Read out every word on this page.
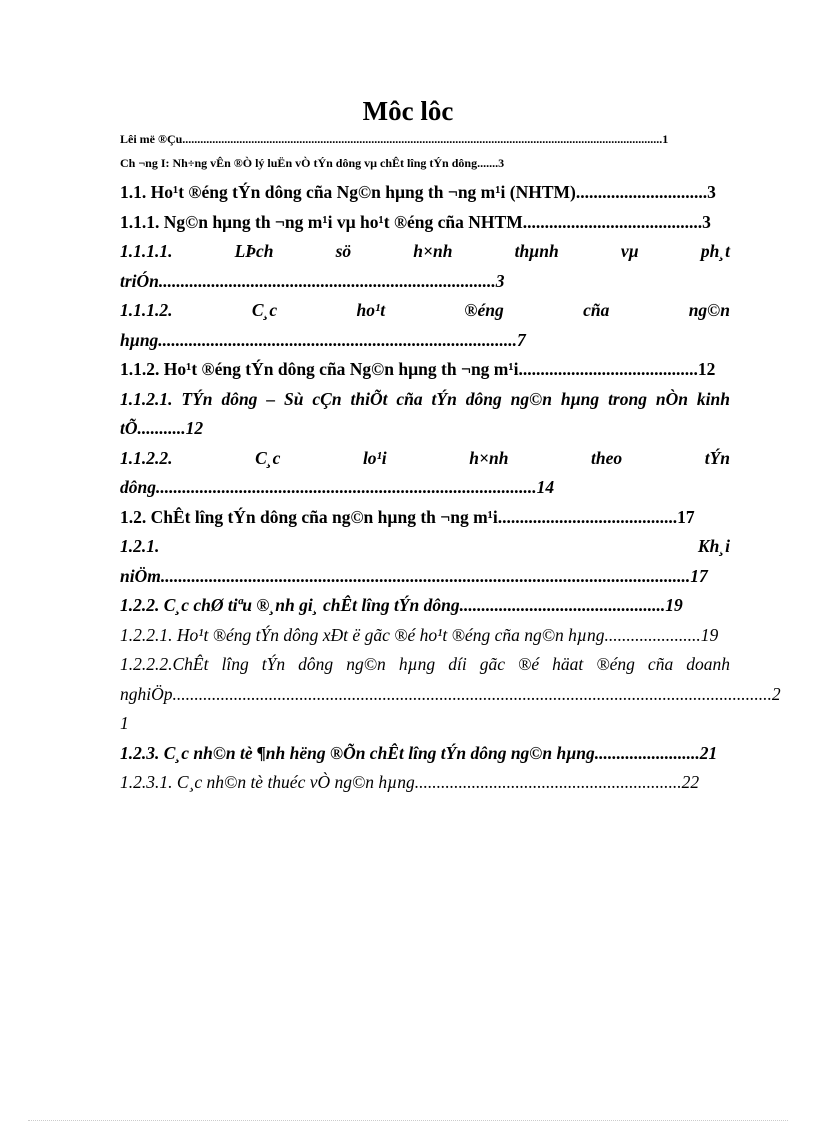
Môc lôc

Lêi më ®Çu................................................................................................................................................................1

Ch ¬ng I: Nh÷ng vÊn ®Ò lý luËn vÒ tÝn dông vµ chÊt lîng tÝn dông.......3

1.1. Ho¹t ®éng tÝn dông cña Ng©n hµng th ¬ng m¹i (NHTM)..............................3

1.1.1. Ng©n hµng th ¬ng m¹i vµ ho¹t ®éng cña NHTM.........................................3

1.1.1.1. LÞch sö h×nh thµnh vµ ph¸t triÓn.............................................................................3

1.1.1.2. C¸c ho¹t ®éng cña ng©n hµng..................................................................................7

1.1.2. Ho¹t ®éng tÝn dông cña Ng©n hµng th ¬ng m¹i.........................................12

1.1.2.1. TÝn dông – Sù cÇn thiÕt cña tÝn dông ng©n hµng trong nÒn kinh tÕ...........12

1.1.2.2. C¸c lo¹i h×nh theo tÝn dông.......................................................................................14

1.2. ChÊt lîng tÝn dông cña ng©n hµng th ¬ng m¹i.........................................17

1.2.1. Kh¸i niÖm.........................................................................................................................17

1.2.2. C¸c chØ tiªu ®¸nh gi¸ chÊt lîng tÝn dông...............................................19

1.2.2.1. Ho¹t ®éng tÝn dông xÐt ë gãc ®é ho¹t ®éng cña ng©n hµng......................19

1.2.2.2.ChÊt lîng tÝn dông ng©n hµng díi gãc ®é häat ®éng cña doanh nghiÖp.........................................................................................................................................2 1

1.2.3. C¸c nh©n tè ¶nh hëng ®Õn chÊt lîng tÝn dông ng©n hµng........................21

1.2.3.1. C¸c nh©n tè thuéc vÒ ng©n hµng.............................................................22
